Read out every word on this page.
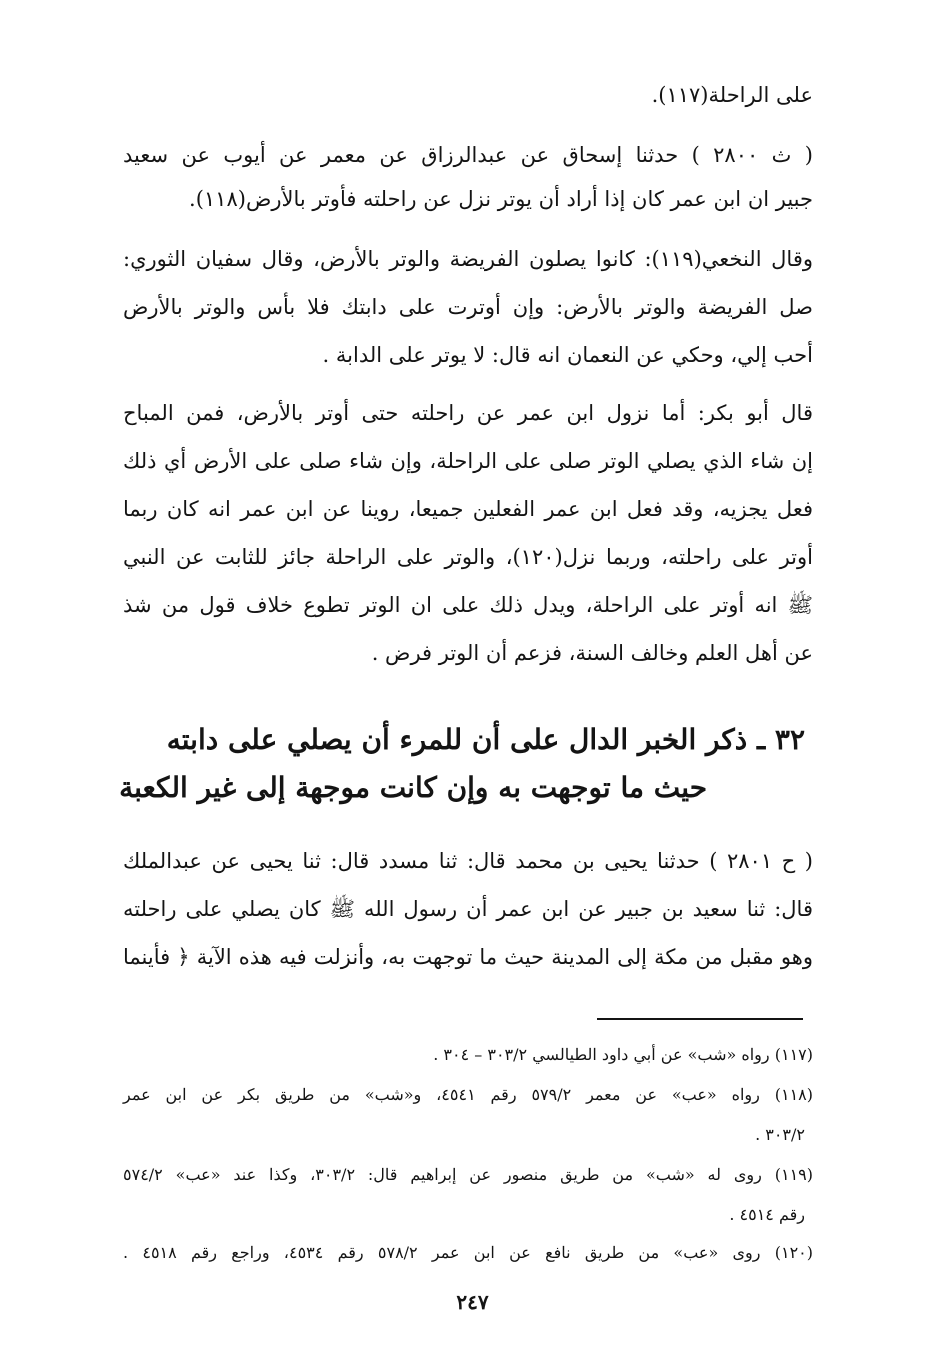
على الراحلة(١١٧).
( ث ٢٨٠٠ ) حدثنا إسحاق عن عبدالرزاق عن معمر عن أيوب عن سعيد
جبير ان ابن عمر كان إذا أراد أن يوتر نزل عن راحلته فأوتر بالأرض(١١٨).
وقال النخعي(١١٩): كانوا يصلون الفريضة والوتر بالأرض، وقال سفيان الثوري:
صل الفريضة والوتر بالأرض: وإن أوترت على دابتك فلا بأس والوتر بالأرض
أحب إلي، وحكي عن النعمان انه قال: لا يوتر على الدابة .
قال أبو بكر: أما نزول ابن عمر عن راحلته حتى أوتر بالأرض، فمن المباح
إن شاء الذي يصلي الوتر صلى على الراحلة، وإن شاء صلى على الأرض أي ذلك
فعل يجزيه، وقد فعل ابن عمر الفعلين جميعا، روينا عن ابن عمر انه كان ربما
أوتر على راحلته، وربما نزل(١٢٠)، والوتر على الراحلة جائز للثابت عن النبي
ﷺ انه أوتر على الراحلة، ويدل ذلك على ان الوتر تطوع خلاف قول من شذ
عن أهل العلم وخالف السنة، فزعم أن الوتر فرض .
٣٢ ـ ذكر الخبر الدال على أن للمرء أن يصلي على دابته
حيث ما توجهت به وإن كانت موجهة إلى غير الكعبة
( ح ٢٨٠١ ) حدثنا يحيى بن محمد قال: ثنا مسدد قال: ثنا يحيى عن عبدالملك
قال: ثنا سعيد بن جبير عن ابن عمر أن رسول الله ﷺ كان يصلي على راحلته
وهو مقبل من مكة إلى المدينة حيث ما توجهت به، وأنزلت فيه هذه الآية ﴿ فأينما
(١١٧) رواه «شب» عن أبي داود الطيالسي ٣٠٣/٢ – ٣٠٤ .
(١١٨) رواه «عب» عن معمر ٥٧٩/٢ رقم ٤٥٤١، و«شب» من طريق بكر عن ابن عمر
٣٠٣/٢ .
(١١٩) روى له «شب» من طريق منصور عن إبراهيم قال: ٣٠٣/٢، وكذا عند «عب» ٥٧٤/٢
رقم ٤٥١٤ .
(١٢٠) روى «عب» من طريق نافع عن ابن عمر ٥٧٨/٢ رقم ٤٥٣٤، وراجع رقم ٤٥١٨ .
٢٤٧
